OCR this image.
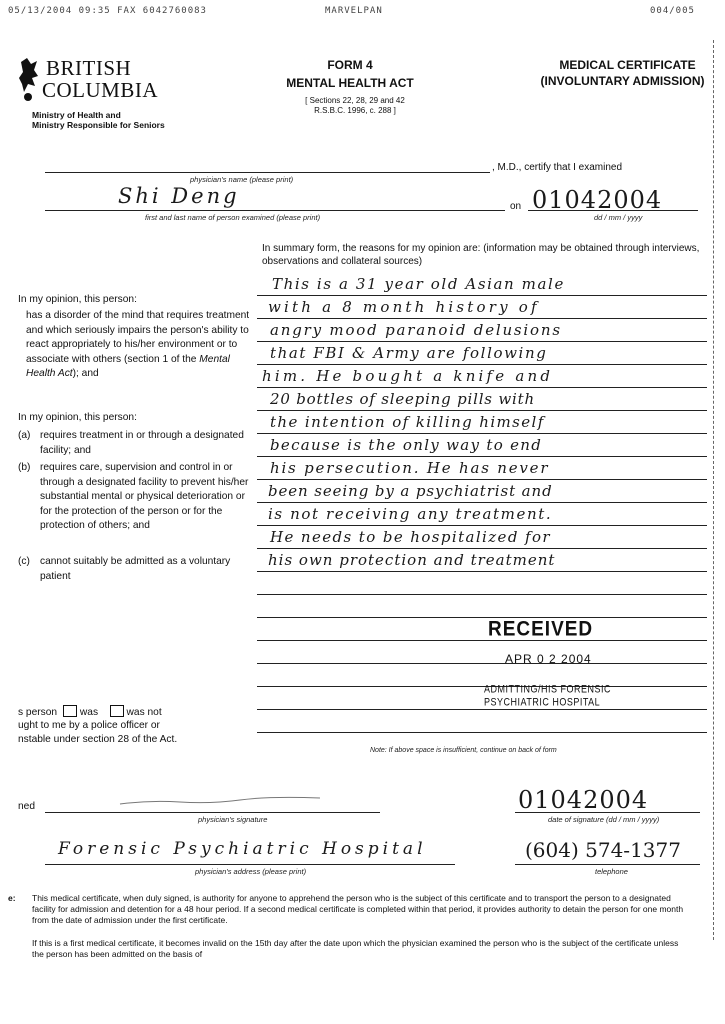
05/13/2004 09:35 FAX 6042760083	MARVELPAN	004/005
BRITISH
COLUMBIA
Ministry of Health and
Ministry Responsible for Seniors
FORM 4
MENTAL HEALTH ACT
[ Sections 22, 28, 29 and 42
R.S.B.C. 1996, c. 288 ]
MEDICAL CERTIFICATE
(INVOLUNTARY ADMISSION)
, M.D., certify that I examined
physician's name (please print)
Shi Deng
first and last name of person examined (please print)
on 01042004
dd / mm / yyyy
In summary form, the reasons for my opinion are: (information may be obtained through interviews, observations and collateral sources)
This is a 31 year old Asian male
with a 8 month history of
angry mood paranoid delusions
that FBI & Army are following
him. He bought a knife and
20 bottles of sleeping pills with
the intention of killing himself
because is the only way to end
his persecution. He has never
been seeing by a psychiatrist and
is not receiving any treatment.
He needs to be hospitalized for
his own protection and treatment
In my opinion, this person:
has a disorder of the mind that requires treatment and which seriously impairs the person's ability to react appropriately to his/her environment or to associate with others (section 1 of the Mental Health Act); and
In my opinion, this person:
(a) requires treatment in or through a designated facility; and
(b) requires care, supervision and control in or through a designated facility to prevent his/her substantial mental or physical deterioration or for the protection of the person or for the protection of others; and
(c) cannot suitably be admitted as a voluntary patient
RECEIVED
APR 0 2 2004
ADMITTING/HIS FORENSIC
PSYCHIATRIC HOSPITAL
s person was	was not
ught to me by a police officer or
nstable under section 28 of the Act.
Note: If above space is insufficient, continue on back of form
ned
physician's signature
01042004
date of signature (dd / mm / yyyy)
Forensic Psychiatric Hospital
physician's address (please print)
(604) 574-1377
telephone
e: This medical certificate, when duly signed, is authority for anyone to apprehend the person who is the subject of this certificate and to transport the person to a designated facility for admission and detention for a 48 hour period. If a second medical certificate is completed within that period, it provides authority to detain the person for one month from the date of admission under the first certificate.
If this is a first medical certificate, it becomes invalid on the 15th day after the date upon which the physician examined the person who is the subject of the certificate unless the person has been admitted on the basis of
